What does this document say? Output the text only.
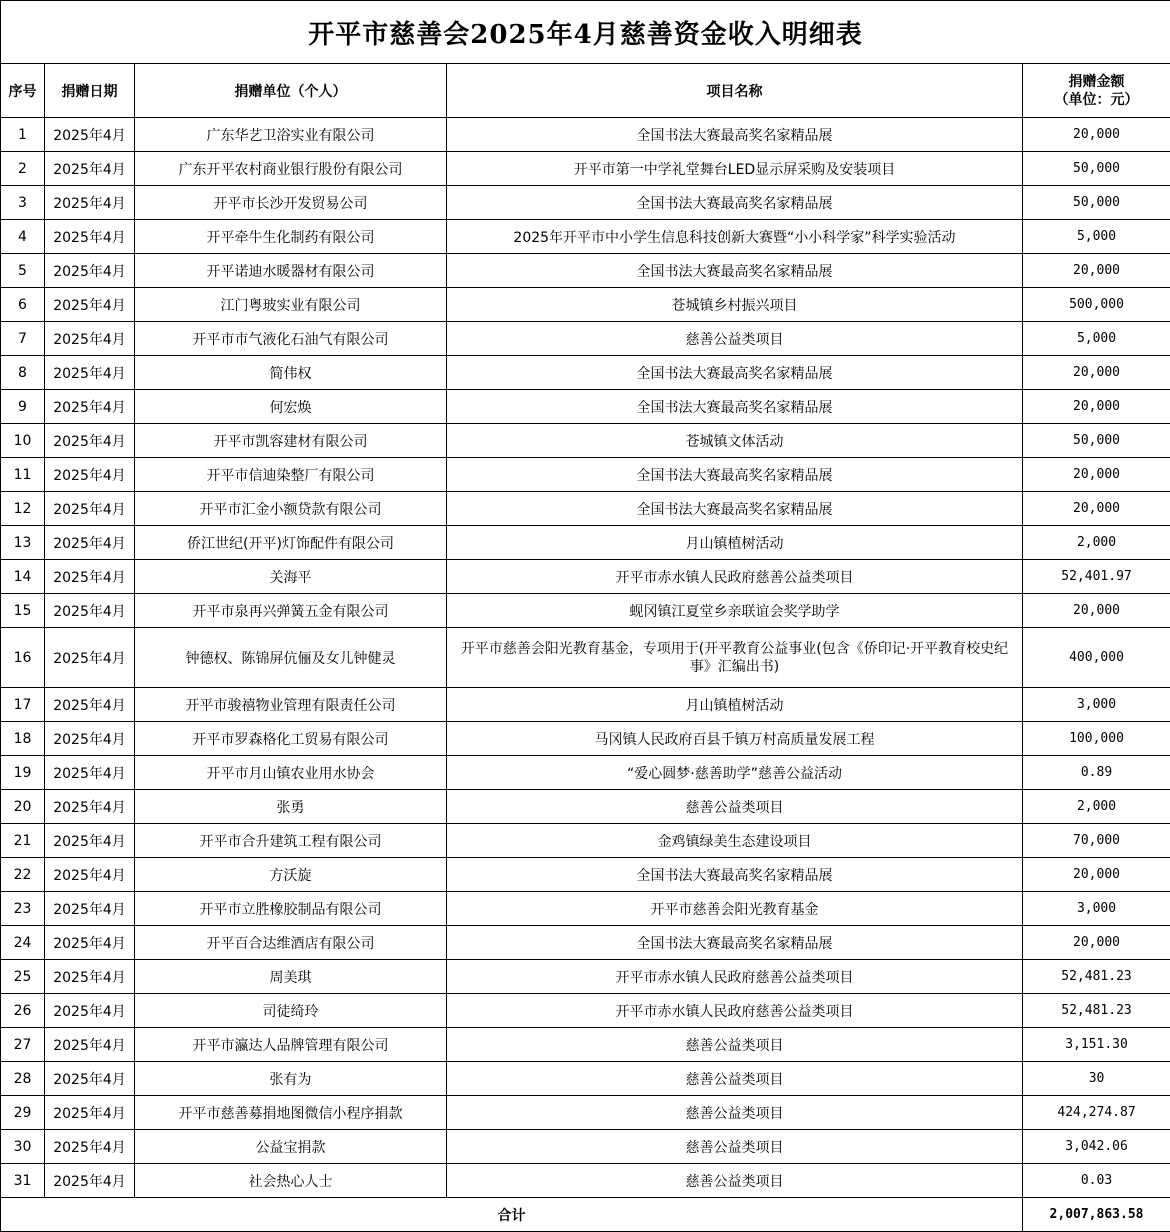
开平市慈善会2025年4月慈善资金收入明细表				
序号	捐赠日期	捐赠单位（个人）	项目名称	捐赠金额
（单位：元）

1	2025年4月	广东华艺卫浴实业有限公司	全国书法大赛最高奖名家精品展	20,000
2	2025年4月	广东开平农村商业银行股份有限公司	开平市第一中学礼堂舞台LED显示屏采购及安装项目	50,000
3	2025年4月	开平市长沙开发贸易公司	全国书法大赛最高奖名家精品展	50,000
4	2025年4月	开平牵牛生化制药有限公司	2025年开平市中小学生信息科技创新大赛暨“小小科学家”科学实验活动	5,000
5	2025年4月	开平诺迪水暖器材有限公司	全国书法大赛最高奖名家精品展	20,000
6	2025年4月	江门粤玻实业有限公司	苍城镇乡村振兴项目	500,000
7	2025年4月	开平市市气液化石油气有限公司	慈善公益类项目	5,000
8	2025年4月	简伟权	全国书法大赛最高奖名家精品展	20,000
9	2025年4月	何宏焕	全国书法大赛最高奖名家精品展	20,000
10	2025年4月	开平市凯容建材有限公司	苍城镇文体活动	50,000
11	2025年4月	开平市信迪染整厂有限公司	全国书法大赛最高奖名家精品展	20,000
12	2025年4月	开平市汇金小额贷款有限公司	全国书法大赛最高奖名家精品展	20,000
13	2025年4月	侨江世纪(开平)灯饰配件有限公司	月山镇植树活动	2,000
14	2025年4月	关海平	开平市赤水镇人民政府慈善公益类项目	52,401.97
15	2025年4月	开平市泉再兴弹簧五金有限公司	蚬冈镇江夏堂乡亲联谊会奖学助学	20,000
16	2025年4月	钟德权、陈锦屏伉俪及女儿钟健灵	开平市慈善会阳光教育基金，专项用于(开平教育公益事业(包含《侨印记·开平教育校史纪事》汇编出书)	400,000
17	2025年4月	开平市骏禧物业管理有限责任公司	月山镇植树活动	3,000
18	2025年4月	开平市罗森格化工贸易有限公司	马冈镇人民政府百县千镇万村高质量发展工程	100,000
19	2025年4月	开平市月山镇农业用水协会	“爱心圆梦·慈善助学”慈善公益活动	0.89
20	2025年4月	张勇	慈善公益类项目	2,000
21	2025年4月	开平市合升建筑工程有限公司	金鸡镇绿美生态建设项目	70,000
22	2025年4月	方沃旋	全国书法大赛最高奖名家精品展	20,000
23	2025年4月	开平市立胜橡胶制品有限公司	开平市慈善会阳光教育基金	3,000
24	2025年4月	开平百合达维酒店有限公司	全国书法大赛最高奖名家精品展	20,000
25	2025年4月	周美琪	开平市赤水镇人民政府慈善公益类项目	52,481.23
26	2025年4月	司徒绮玲	开平市赤水镇人民政府慈善公益类项目	52,481.23
27	2025年4月	开平市瀛达人品牌管理有限公司	慈善公益类项目	3,151.30
28	2025年4月	张有为	慈善公益类项目	30
29	2025年4月	开平市慈善募捐地图微信小程序捐款	慈善公益类项目	424,274.87
30	2025年4月	公益宝捐款	慈善公益类项目	3,042.06
31	2025年4月	社会热心人士	慈善公益类项目	0.03
合计				2,007,863.58
